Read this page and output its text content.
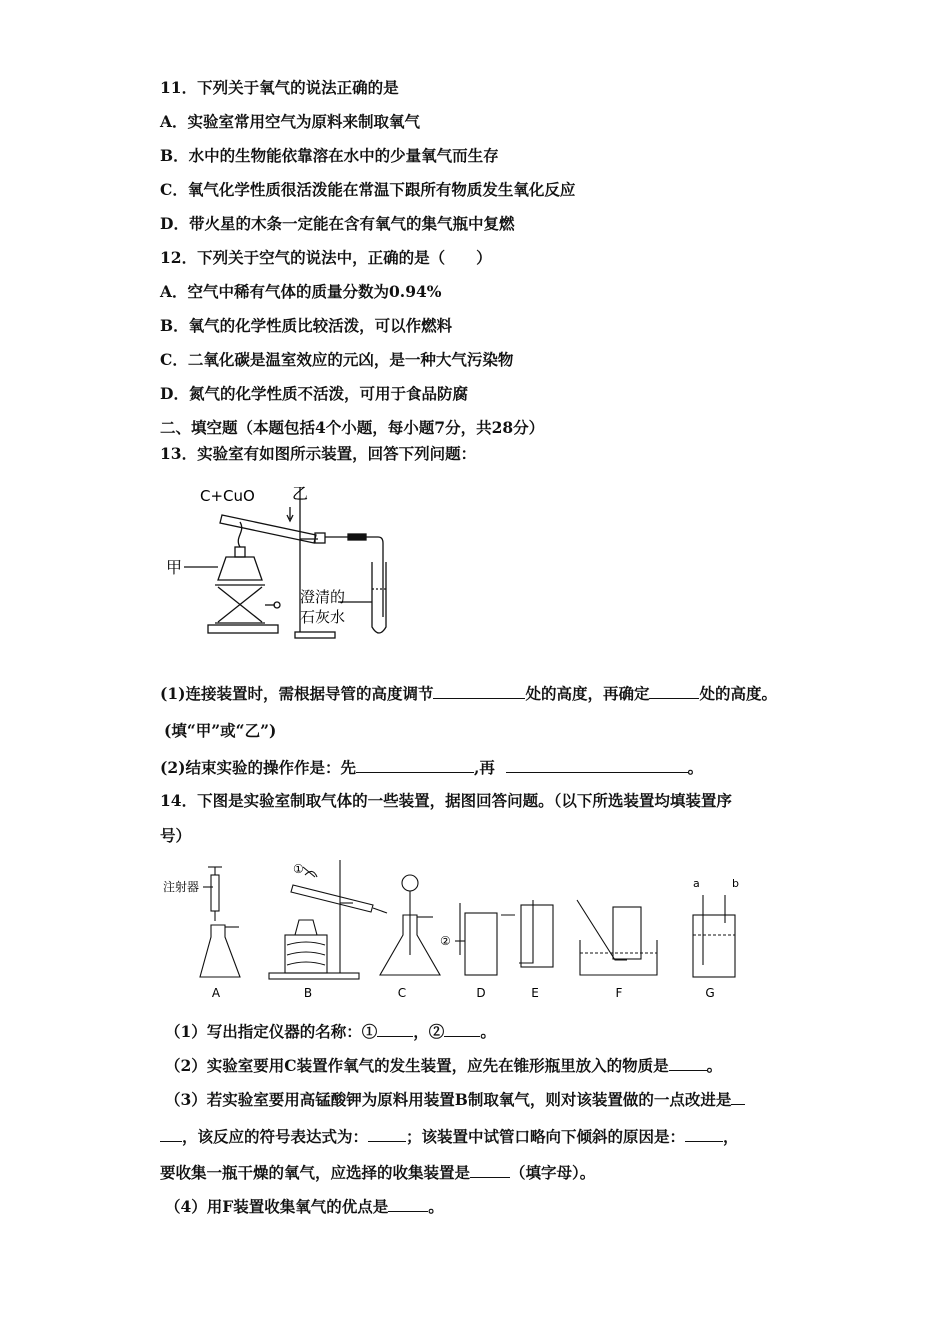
11．下列关于氧气的说法正确的是
A．实验室常用空气为原料来制取氧气
B．水中的生物能依靠溶在水中的少量氧气而生存
C．氧气化学性质很活泼能在常温下跟所有物质发生氧化反应
D．带火星的木条一定能在含有氧气的集气瓶中复燃
12．下列关于空气的说法中，正确的是（　　）
A．空气中稀有气体的质量分数为0.94%
B．氧气的化学性质比较活泼，可以作燃料
C．二氧化碳是温室效应的元凶，是一种大气污染物
D．氮气的化学性质不活泼，可用于食品防腐
二、填空题（本题包括4个小题，每小题7分，共28分）
13．实验室有如图所示装置，回答下列问题：
C+CuO 乙
甲
澄清的
石灰水
(1)连接装置时，需根据导管的高度调节	处的高度，再确定	处的高度。
(填“甲”或“乙”)
(2)结束实验的操作作是：先	,再	。
14．下图是实验室制取气体的一些装置，据图回答问题。（以下所选装置均填装置序
号）
注射器
①
②
a	b
A	B	C	D	E	F	G
（1）写出指定仪器的名称：① ，② 。
（2）实验室要用C装置作氧气的发生装置，应先在锥形瓶里放入的物质是 。
（3）若实验室要用高锰酸钾为原料用装置B制取氧气，则对该装置做的一点改进是
，该反应的符号表达式为： ；该装置中试管口略向下倾斜的原因是： ，
要收集一瓶干燥的氧气，应选择的收集装置是	（填字母）。
（4）用F装置收集氧气的优点是	。
